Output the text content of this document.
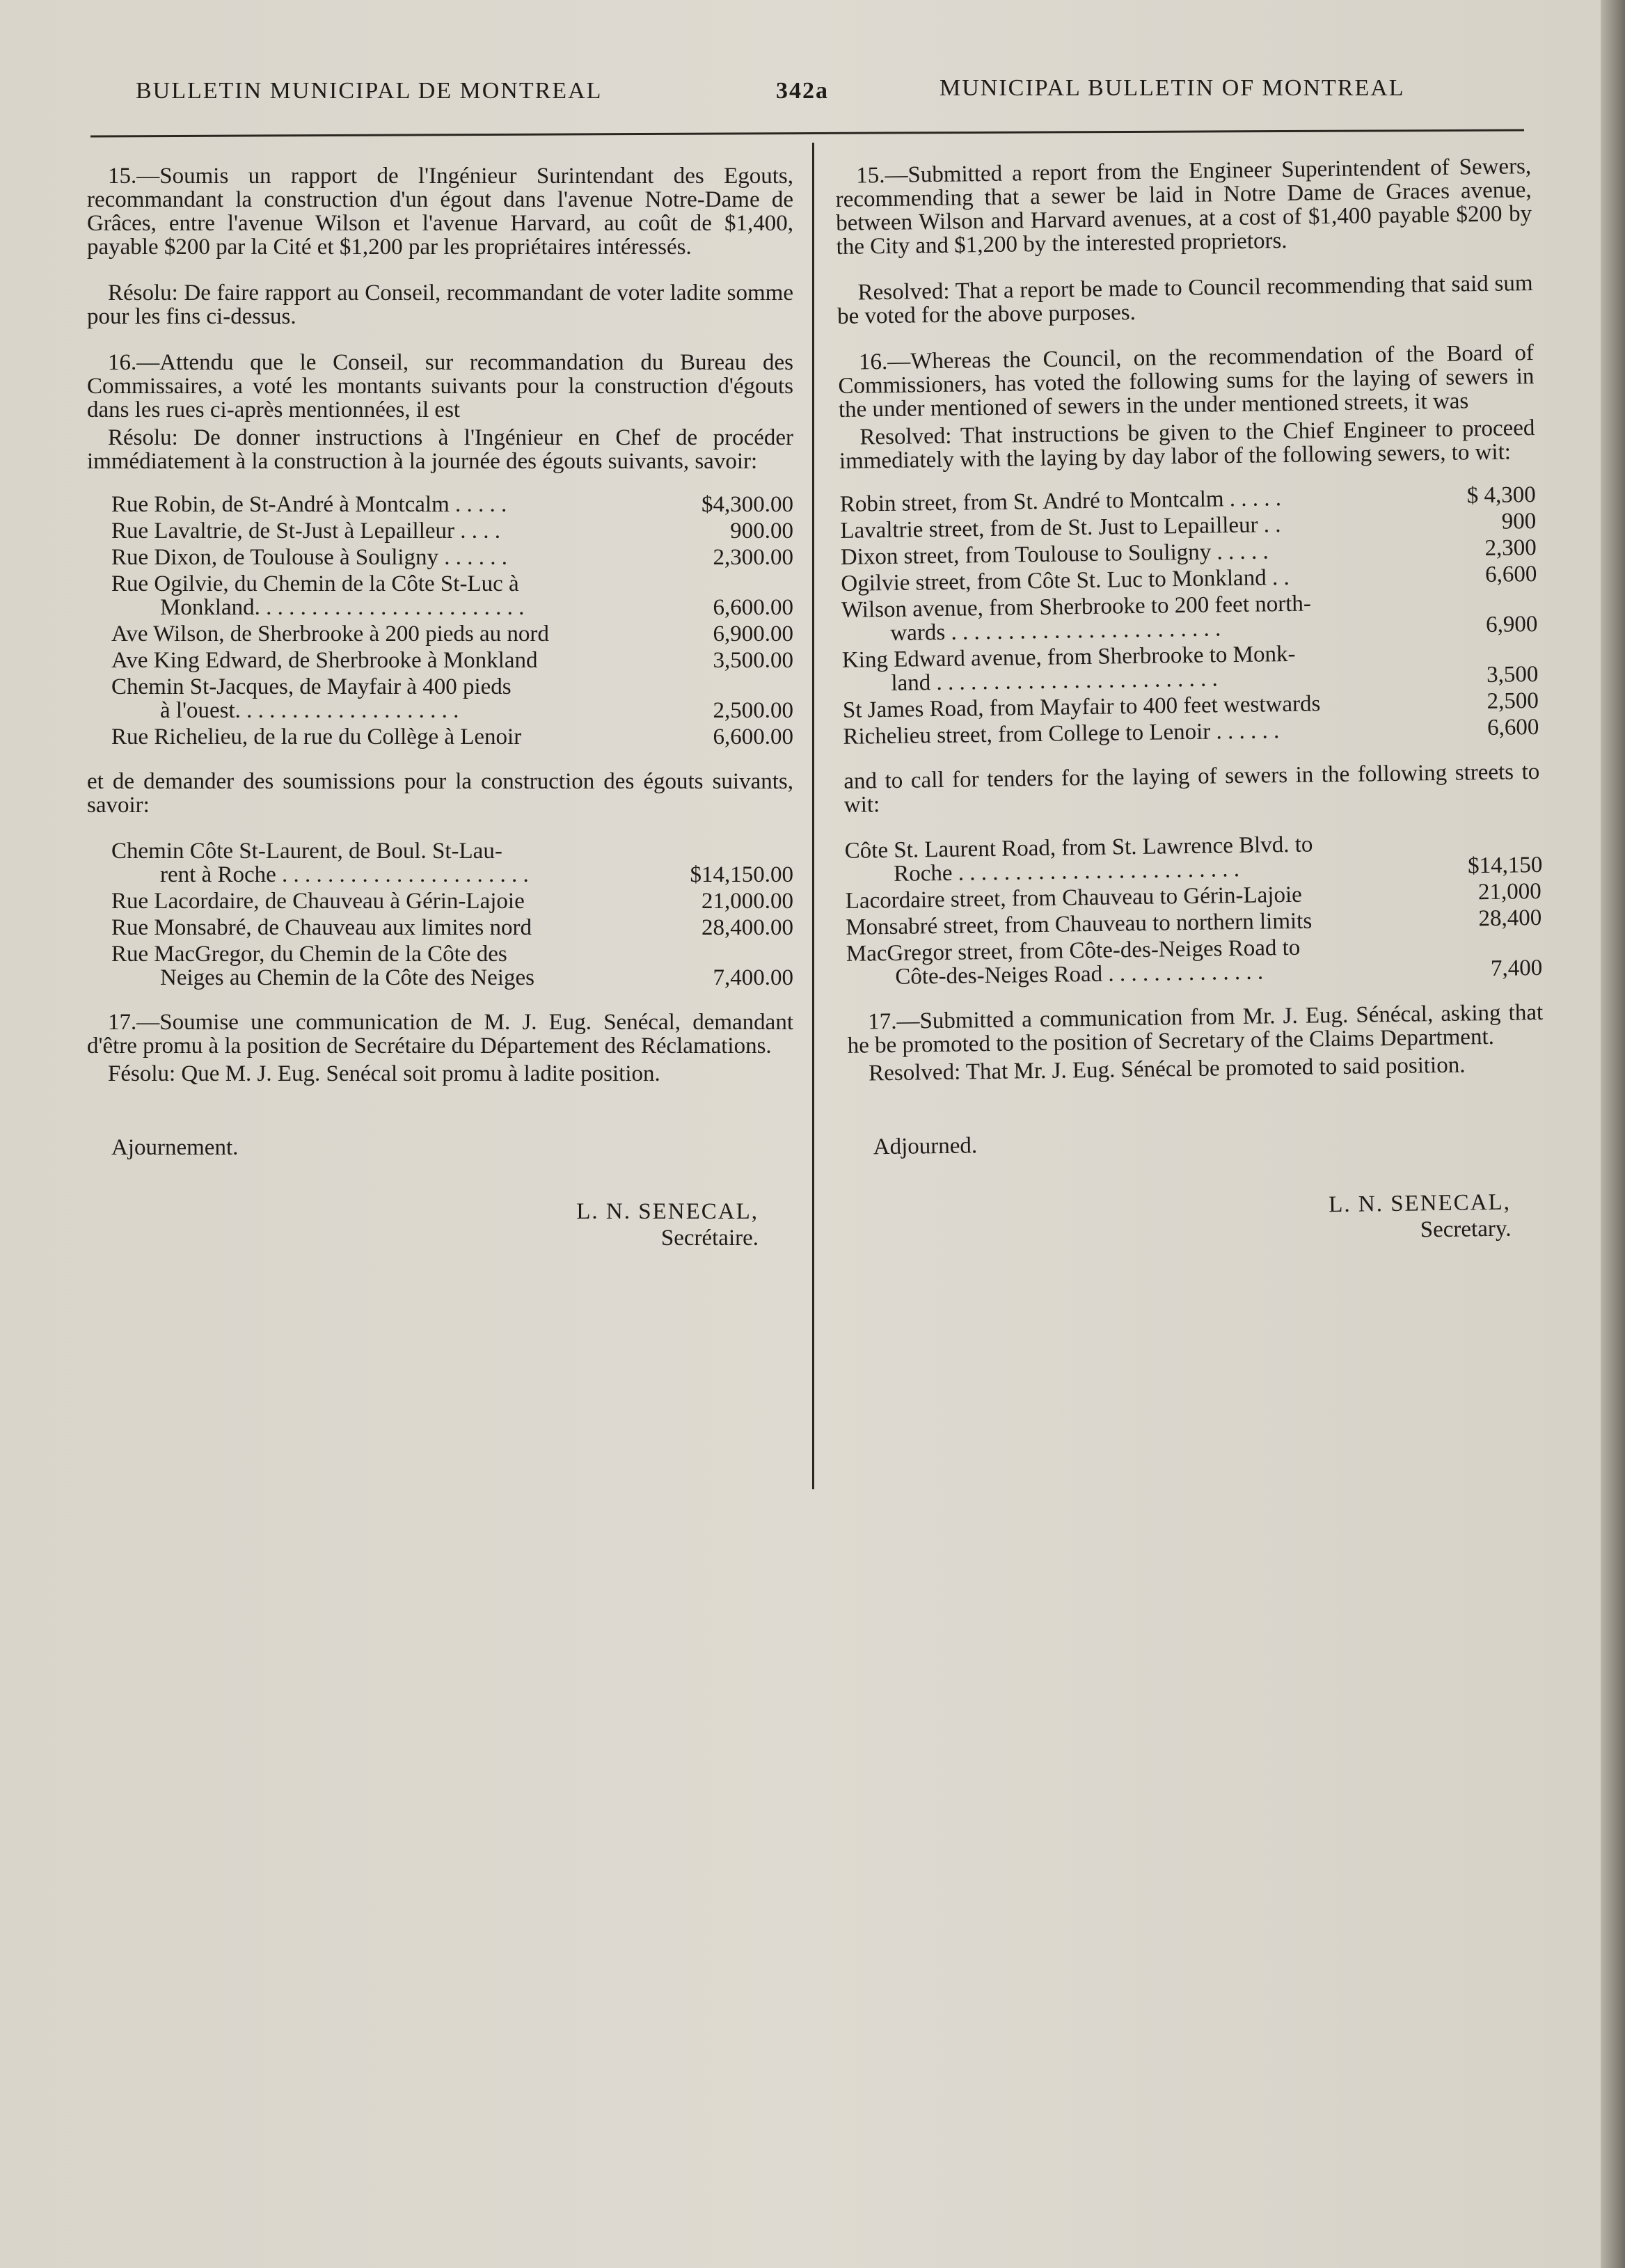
BULLETIN MUNICIPAL DE MONTREAL	342a	MUNICIPAL BULLETIN OF MONTREAL

15.—Soumis un rapport de l'Ingénieur Surintendant des Egouts, recommandant la construction d'un égout dans l'avenue Notre-Dame de Grâces, entre l'avenue Wilson et l'avenue Harvard, au coût de $1,400, payable $200 par la Cité et $1,200 par les propriétaires intéressés.

Résolu: De faire rapport au Conseil, recommandant de voter ladite somme pour les fins ci-dessus.

16.—Attendu que le Conseil, sur recommandation du Bureau des Commissaires, a voté les montants suivants pour la construction d'égouts dans les rues ci-après mentionnées, il est

Résolu: De donner instructions à l'Ingénieur en Chef de procéder immédiatement à la construction à la journée des égouts suivants, savoir:

Rue Robin, de St-André à Montcalm . . . . .	$4,300.00
Rue Lavaltrie, de St-Just à Lepailleur . . . .	900.00
Rue Dixon, de Toulouse à Souligny . . . . . .	2,300.00
Rue Ogilvie, du Chemin de la Côte St-Luc à
Monkland. . . . . . . . . . . . . . . . . . . . . . . .	6,600.00
Ave Wilson, de Sherbrooke à 200 pieds au nord	6,900.00
Ave King Edward, de Sherbrooke à Monkland	3,500.00
Chemin St-Jacques, de Mayfair à 400 pieds
à l'ouest. . . . . . . . . . . . . . . . . . . .	2,500.00
Rue Richelieu, de la rue du Collège à Lenoir	6,600.00

et de demander des soumissions pour la construction des égouts suivants, savoir:

Chemin Côte St-Laurent, de Boul. St-Lau-
rent à Roche . . . . . . . . . . . . . . . . . . . . . .	$14,150.00
Rue Lacordaire, de Chauveau à Gérin-Lajoie	21,000.00
Rue Monsabré, de Chauveau aux limites nord	28,400.00
Rue MacGregor, du Chemin de la Côte des
Neiges au Chemin de la Côte des Neiges	7,400.00

17.—Soumise une communication de M. J. Eug. Senécal, demandant d'être promu à la position de Secrétaire du Département des Réclamations.

Fésolu: Que M. J. Eug. Senécal soit promu à ladite position.

Ajournement.
L. N. SENECAL,
Secrétaire.

15.—Submitted a report from the Engineer Superintendent of Sewers, recommending that a sewer be laid in Notre Dame de Graces avenue, between Wilson and Harvard avenues, at a cost of $1,400 payable $200 by the City and $1,200 by the interested proprietors.

Resolved: That a report be made to Council recommending that said sum be voted for the above purposes.

16.—Whereas the Council, on the recommendation of the Board of Commissioners, has voted the following sums for the laying of sewers in the under mentioned of sewers in the under mentioned streets, it was

Resolved: That instructions be given to the Chief Engineer to proceed immediately with the laying by day labor of the following sewers, to wit:

Robin street, from St. André to Montcalm . . . . .	$ 4,300
Lavaltrie street, from de St. Just to Lepailleur . .	900
Dixon street, from Toulouse to Souligny . . . . .	2,300
Ogilvie street, from Côte St. Luc to Monkland . .	6,600
Wilson avenue, from Sherbrooke to 200 feet north-
wards . . . . . . . . . . . . . . . . . . . . . . . .	6,900
King Edward avenue, from Sherbrooke to Monk-
land . . . . . . . . . . . . . . . . . . . . . . . . .	3,500
St James Road, from Mayfair to 400 feet westwards	2,500
Richelieu street, from College to Lenoir . . . . . .	6,600

and to call for tenders for the laying of sewers in the following streets to wit:

Côte St. Laurent Road, from St. Lawrence Blvd. to
Roche . . . . . . . . . . . . . . . . . . . . . . . . .	$14,150
Lacordaire street, from Chauveau to Gérin-Lajoie	21,000
Monsabré street, from Chauveau to northern limits	28,400
MacGregor street, from Côte-des-Neiges Road to
Côte-des-Neiges Road . . . . . . . . . . . . . .	7,400

17.—Submitted a communication from Mr. J. Eug. Sénécal, asking that he be promoted to the position of Secretary of the Claims Department.

Resolved: That Mr. J. Eug. Sénécal be promoted to said position.

Adjourned.
L. N. SENECAL,
Secretary.
